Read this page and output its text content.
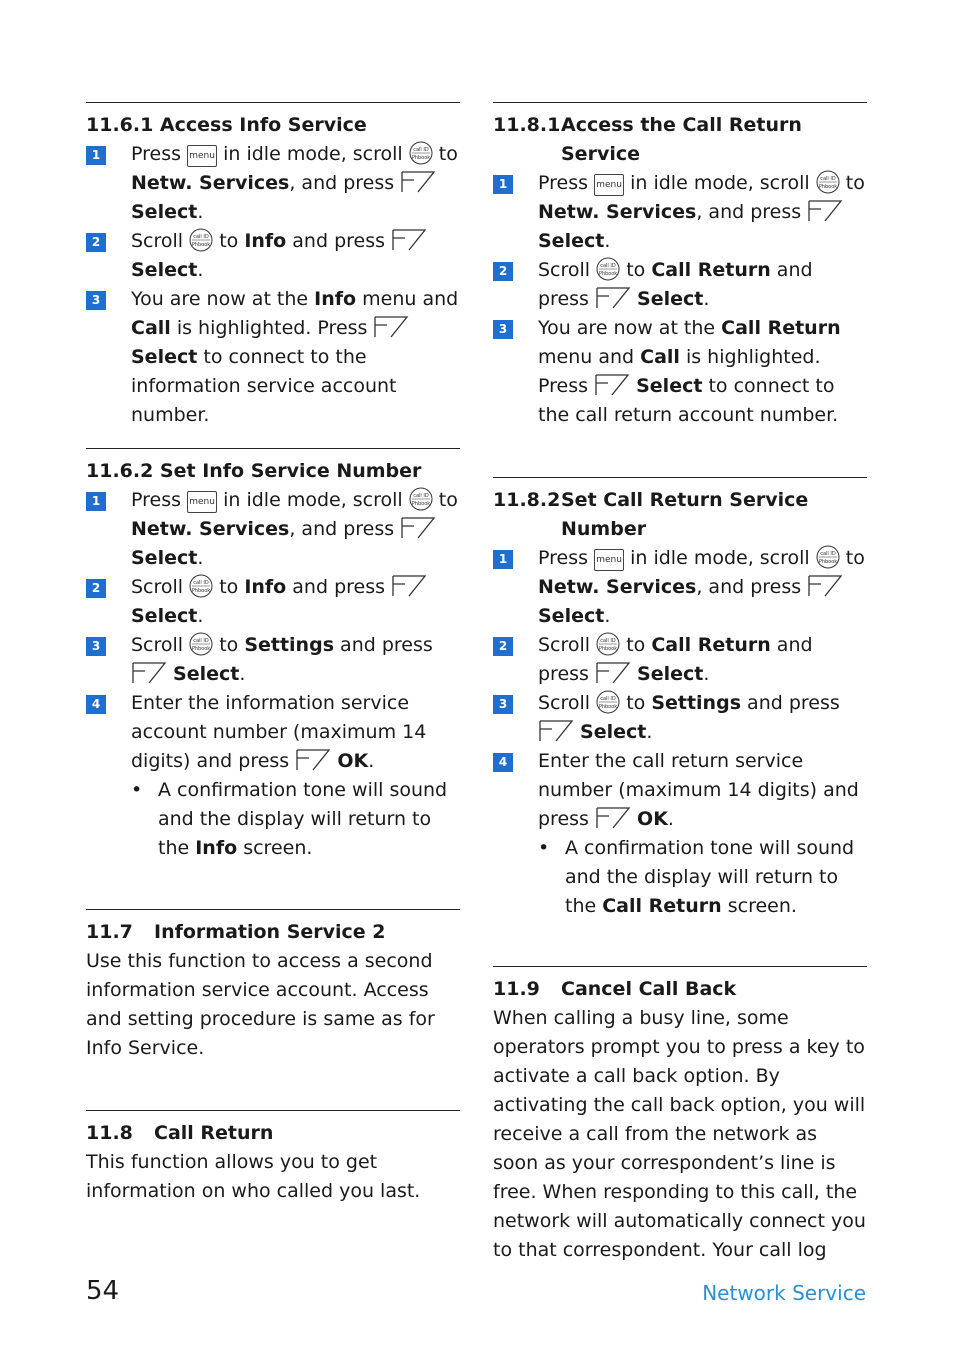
11.6.1 Access Info Service
1	Press menu in idle mode, scroll call ID
Phbook to Netw. Services, and press  Select.
2	Scroll call ID
Phbook to Info and press  Select.
3	You are now at the Info menu and Call is highlighted. Press  Select to connect to the information service account number.
11.6.2 Set Info Service Number
1	Press menu in idle mode, scroll call ID
Phbook to Netw. Services, and press  Select.
2	Scroll call ID
Phbook to Info and press  Select.
3	Scroll call ID
Phbook to Settings and press  Select.
4	Enter the information service account number (maximum 14 digits) and press	OK.
• A confirmation tone will sound and the display will return to the Info screen.
11.7 Information Service 2

Use this function to access a second information service account. Access and setting procedure is same as for Info Service.

11.8 Call Return

This function allows you to get information on who called you last.

11.8.1Access the Call Return Service
1	Press menu in idle mode, scroll call ID
Phbook to Netw. Services, and press  Select.
2	Scroll call ID
Phbook to Call Return and press	Select.
3	You are now at the Call Return menu and Call is highlighted. Press	Select to connect to the call return account number.
11.8.2Set Call Return Service Number
1	Press menu in idle mode, scroll call ID
Phbook to Netw. Services, and press  Select.
2	Scroll call ID
Phbook to Call Return and press	Select.
3	Scroll call ID
Phbook to Settings and press  Select.
4	Enter the call return service number (maximum 14 digits) and press	OK.
• A confirmation tone will sound and the display will return to the Call Return screen.
11.9 Cancel Call Back

When calling a busy line, some operators prompt you to press a key to activate a call back option. By activating the call back option, you will receive a call from the network as soon as your correspondent’s line is free. When responding to this call, the network will automatically connect you to that correspondent. Your call log

54	Network Service
